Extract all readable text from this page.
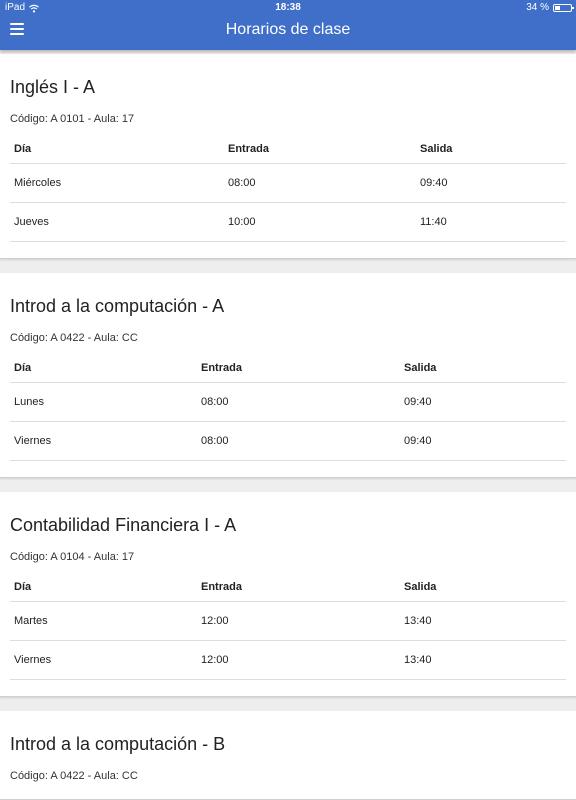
iPad	18:38	34 %
Horarios de clase
Inglés I - A
Código: A 0101 - Aula: 17
Día	Entrada	Salida
Miércoles	08:00	09:40
Jueves	10:00	11:40
Introd a la computación - A
Código: A 0422 - Aula: CC
Día	Entrada	Salida
Lunes	08:00	09:40
Viernes	08:00	09:40
Contabilidad Financiera I - A
Código: A 0104 - Aula: 17
Día	Entrada	Salida
Martes	12:00	13:40
Viernes	12:00	13:40
Introd a la computación - B
Código: A 0422 - Aula: CC
